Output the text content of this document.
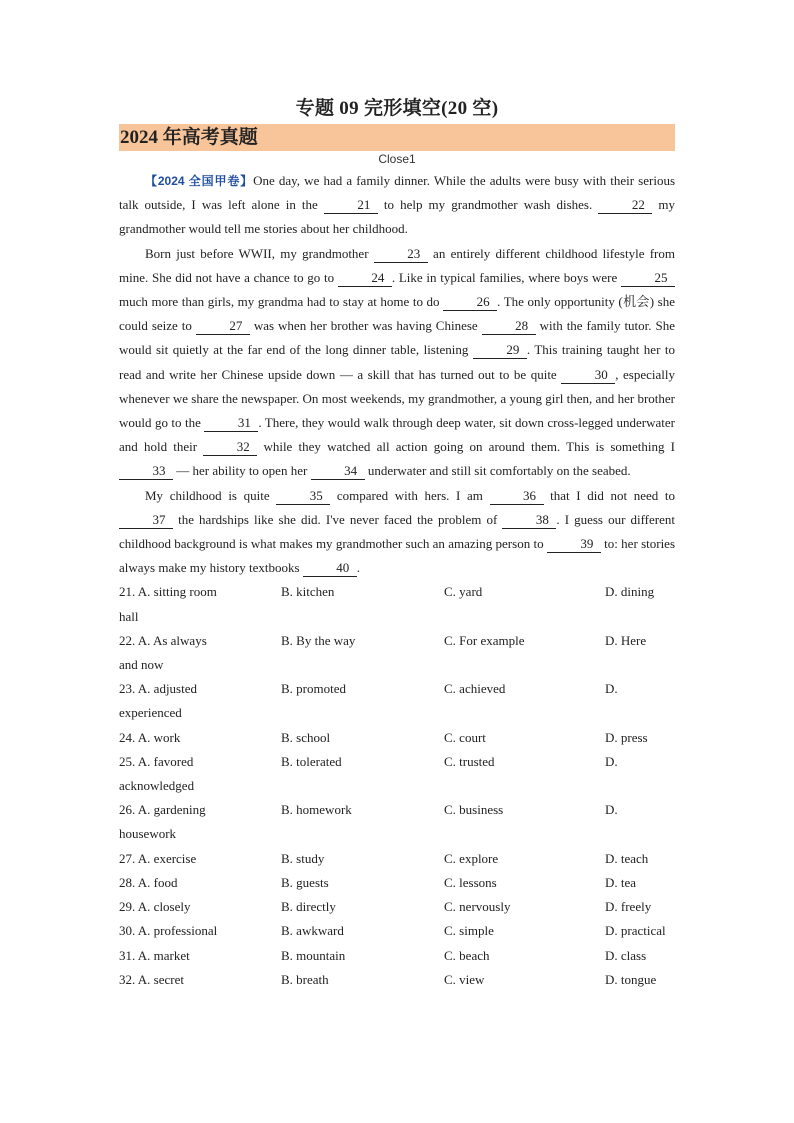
专题 09 完形填空(20 空)
2024 年高考真题
Close1

【2024 全国甲卷】One day, we had a family dinner. While the adults were busy with their serious talk outside, I was left alone in the	21 to help my grandmother wash dishes.	22 my grandmother would tell me stories about her childhood.

Born just before WWII, my grandmother	23 an entirely different childhood lifestyle from mine. She did not have a chance to go to	24 . Like in typical families, where boys were	25 much more than girls, my grandma had to stay at home to do	26 . The only opportunity (机会) she could seize to	27 was when her brother was having Chinese	28 with the family tutor. She would sit quietly at the far end of the long dinner table, listening	29 . This training taught her to read and write her Chinese upside down — a skill that has turned out to be quite	30 , especially whenever we share the newspaper. On most weekends, my grandmother, a young girl then, and her brother would go to the	31 . There, they would walk through deep water, sit down cross-legged underwater and hold their	32 while they watched all action going on around them. This is something I 33 — her ability to open her	34 underwater and still sit comfortably on the seabed.

My childhood is quite	35 compared with hers. I am	36 that I did not need to 37 the hardships like she did. I've never faced the problem of	38 . I guess our different childhood background is what makes my grandmother such an amazing person to	39 to: her stories always make my history textbooks	40 .

21. A. sitting room	B. kitchen	C. yard	D. dining
hall
22. A. As always	B. By the way	C. For example	D. Here
and now
23. A. adjusted	B. promoted	C. achieved	D.
experienced
24. A. work	B. school	C. court	D. press
25. A. favored	B. tolerated	C. trusted	D.
acknowledged
26. A. gardening	B. homework	C. business	D.
housework
27. A. exercise	B. study	C. explore	D. teach
28. A. food	B. guests	C. lessons	D. tea
29. A. closely	B. directly	C. nervously	D. freely
30. A. professional	B. awkward	C. simple	D. practical
31. A. market	B. mountain	C. beach	D. class
32. A. secret	B. breath	C. view	D. tongue
